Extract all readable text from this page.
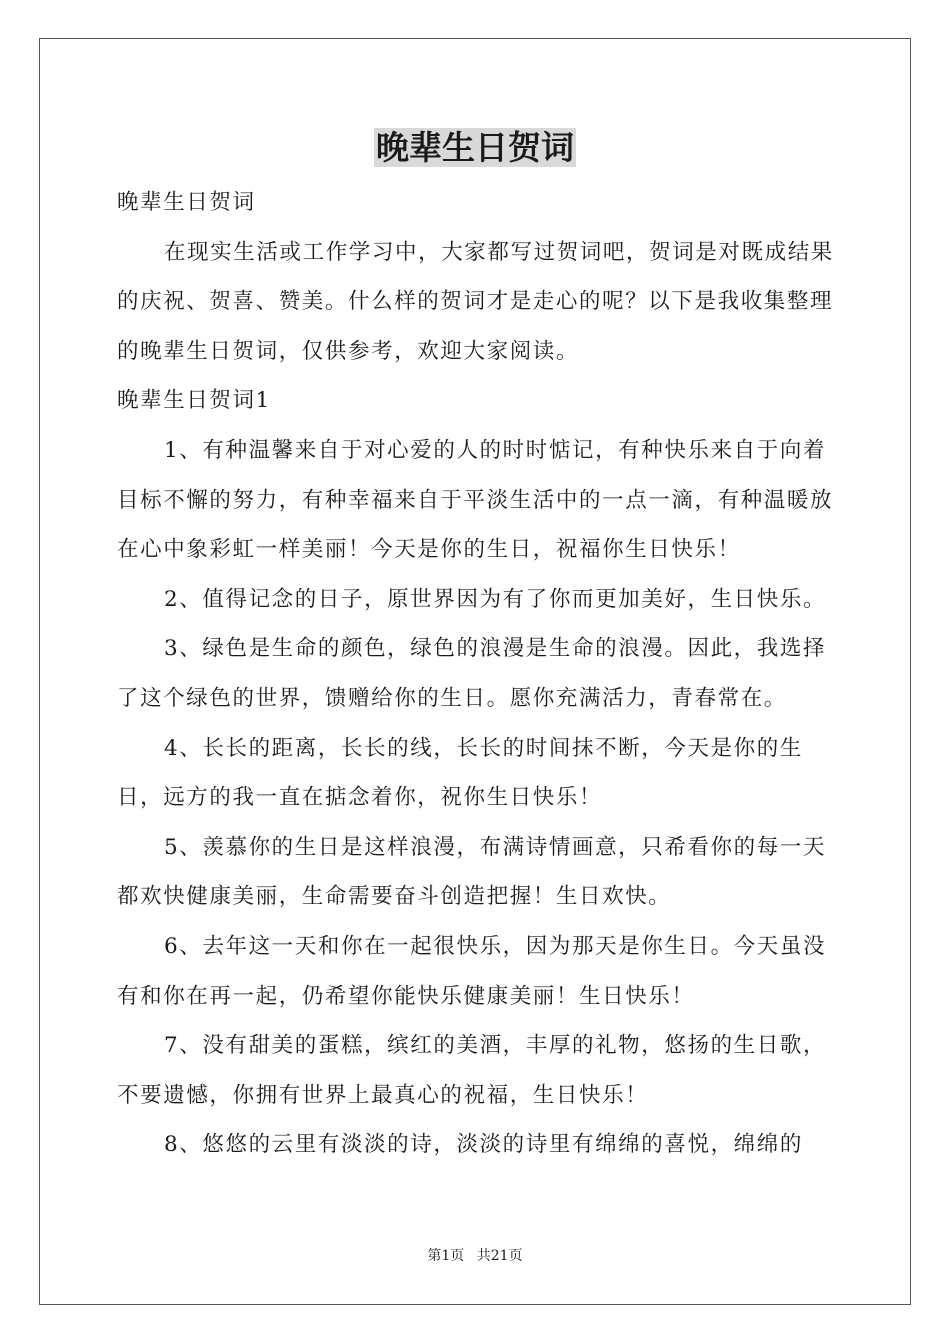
晚辈生日贺词

晚辈生日贺词

在现实生活或工作学习中，大家都写过贺词吧，贺词是对既成结果的庆祝、贺喜、赞美。什么样的贺词才是走心的呢？以下是我收集整理的晚辈生日贺词，仅供参考，欢迎大家阅读。

晚辈生日贺词1

1、有种温馨来自于对心爱的人的时时惦记，有种快乐来自于向着目标不懈的努力，有种幸福来自于平淡生活中的一点一滴，有种温暖放在心中象彩虹一样美丽！今天是你的生日，祝福你生日快乐！

2、值得记念的日子，原世界因为有了你而更加美好，生日快乐。

3、绿色是生命的颜色，绿色的浪漫是生命的浪漫。因此，我选择了这个绿色的世界，馈赠给你的生日。愿你充满活力，青春常在。

4、长长的距离，长长的线，长长的时间抹不断，今天是你的生日，远方的我一直在掂念着你，祝你生日快乐！

5、羡慕你的生日是这样浪漫，布满诗情画意，只希看你的每一天都欢快健康美丽，生命需要奋斗创造把握！生日欢快。

6、去年这一天和你在一起很快乐，因为那天是你生日。今天虽没有和你在再一起，仍希望你能快乐健康美丽！生日快乐！

7、没有甜美的蛋糕，缤红的美酒，丰厚的礼物，悠扬的生日歌，不要遗憾，你拥有世界上最真心的祝福，生日快乐！

8、悠悠的云里有淡淡的诗，淡淡的诗里有绵绵的喜悦，绵绵的

第1页 共21页
